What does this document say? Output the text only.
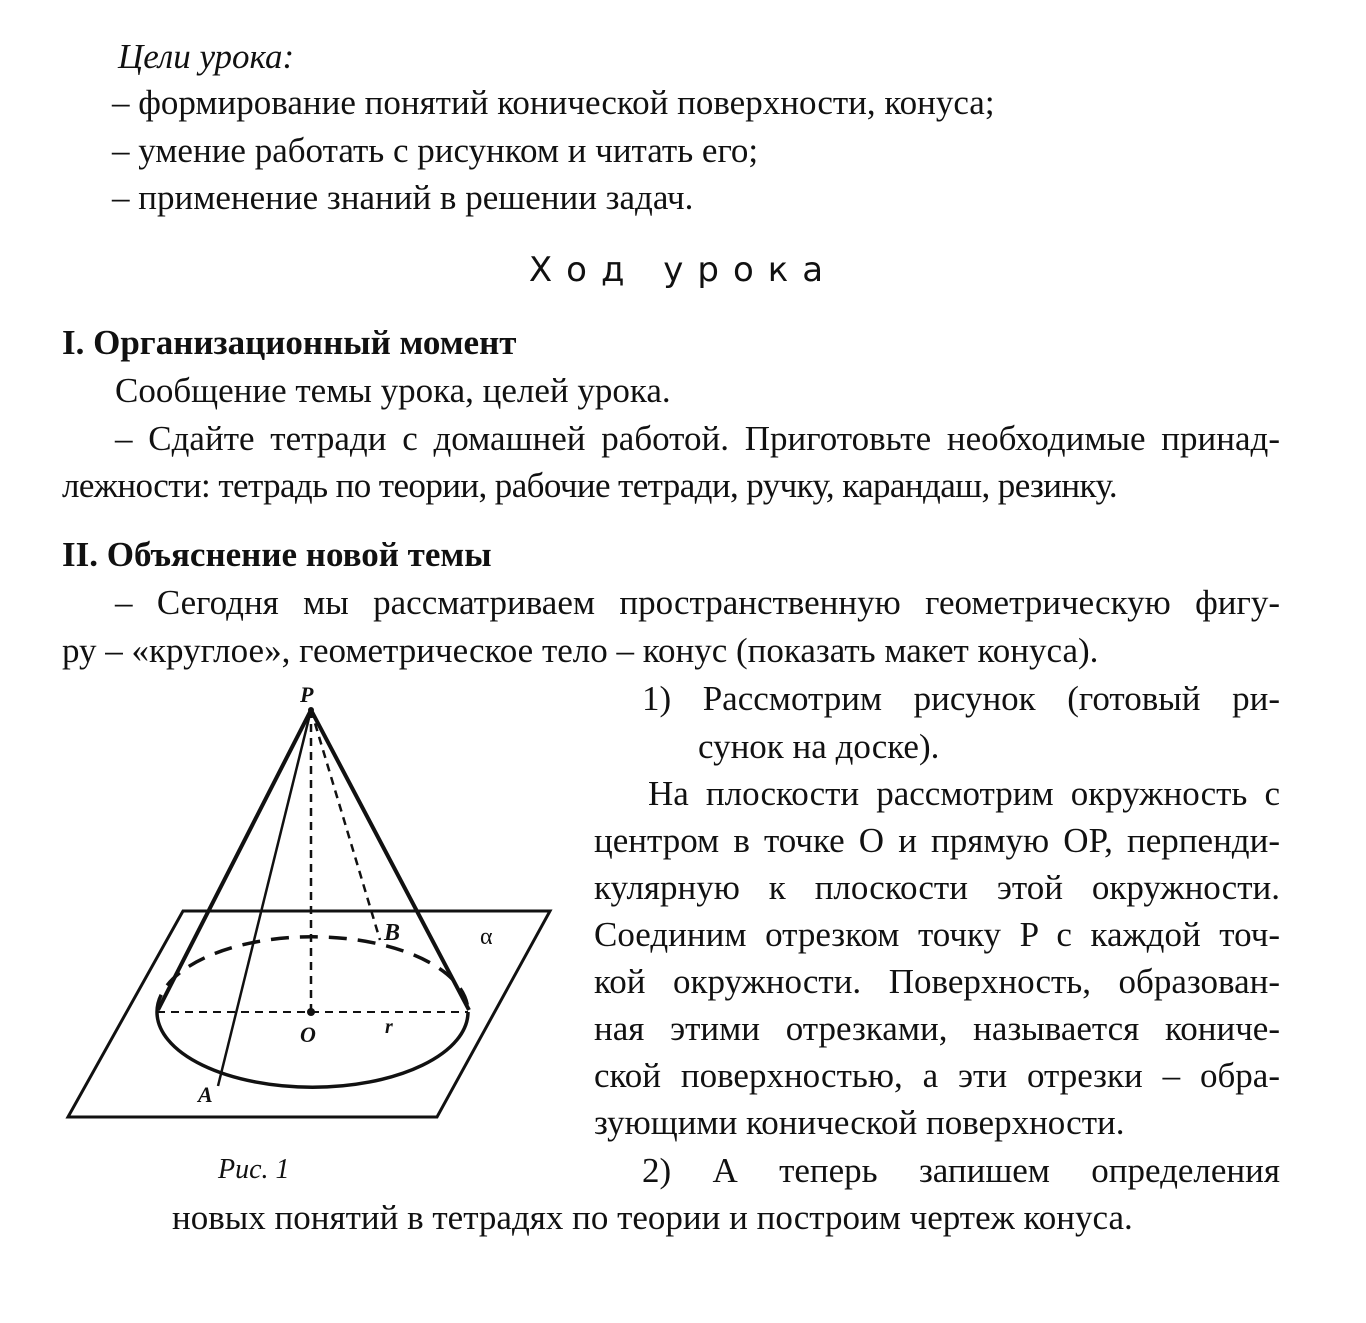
Цели урока:
– формирование понятий конической поверхности, конуса;
– умение работать с рисунком и читать его;
– применение знаний в решении задач.
Ход урока
I. Организационный момент
Сообщение темы урока, целей урока.
– Сдайте тетради с домашней работой. Приготовьте необходимые принад-
лежности: тетрадь по теории, рабочие тетради, ручку, карандаш, резинку.
II. Объяснение новой темы
– Сегодня мы рассматриваем пространственную геометрическую фигу-
ру – «круглое», геометрическое тело – конус (показать макет конуса).
1) Рассмотрим рисунок (готовый ри-
сунок на доске).
На плоскости рассмотрим окружность с
центром в точке O и прямую OP, перпенди-
кулярную к плоскости этой окружности.
Соединим отрезком точку P с каждой точ-
кой окружности. Поверхность, образован-
ная этими отрезками, называется кониче-
ской поверхностью, а эти отрезки – обра-
зующими конической поверхности.
2) А теперь запишем определения
новых понятий в тетрадях по теории и построим чертеж конуса.
P
B	α
O	r
A
Рис. 1
